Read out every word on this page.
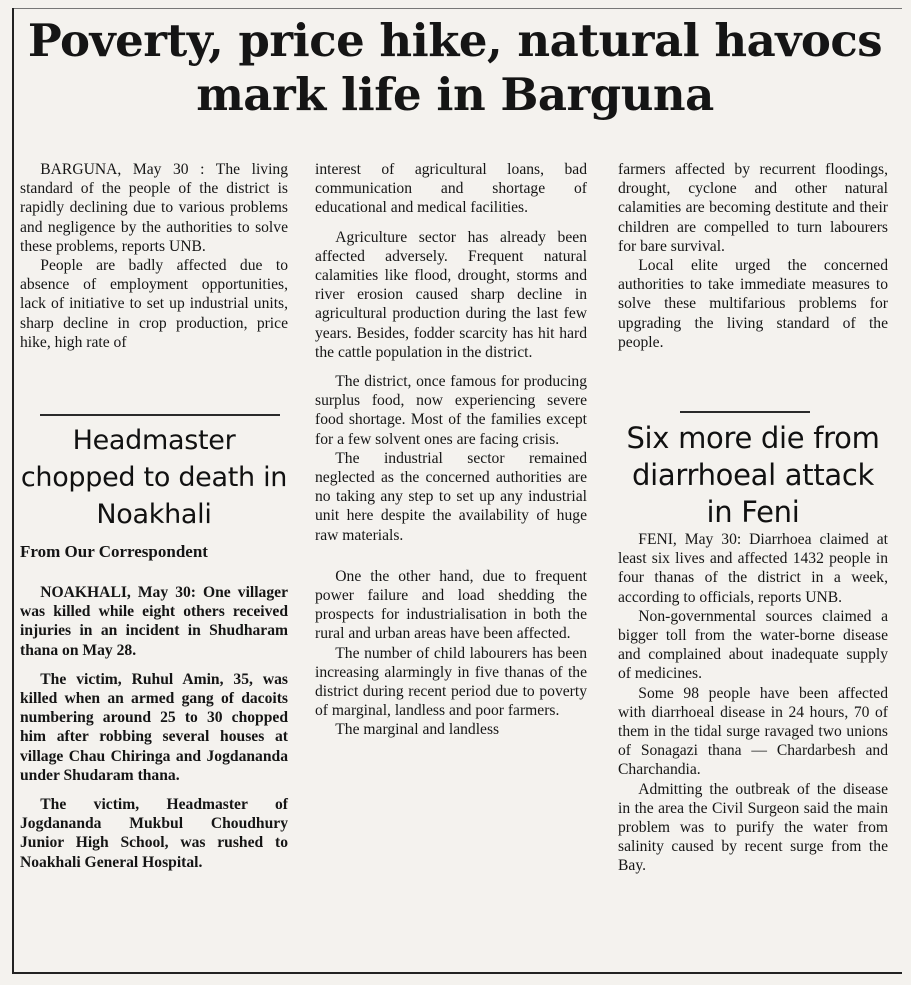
Poverty, price hike, natural havocs mark life in Barguna

BARGUNA, May 30 : The living standard of the people of the district is rapidly declining due to various problems and negligence by the authorities to solve these problems, reports UNB.

People are badly affected due to absence of employment opportunities, lack of initiative to set up industrial units, sharp decline in crop production, price hike, high rate of

Headmaster chopped to death in Noakhali
From Our Correspondent

NOAKHALI, May 30: One villager was killed while eight others received injuries in an incident in Shudharam thana on May 28.

The victim, Ruhul Amin, 35, was killed when an armed gang of dacoits numbering around 25 to 30 chopped him after robbing several houses at village Chau Chiringa and Jogdananda under Shudaram thana.

The victim, Headmaster of Jogdananda Mukbul Choudhury Junior High School, was rushed to Noakhali General Hospital.

interest of agricultural loans, bad communication and shortage of educational and medical facilities.

Agriculture sector has already been affected adversely. Frequent natural calamities like flood, drought, storms and river erosion caused sharp decline in agricultural production during the last few years. Besides, fodder scarcity has hit hard the cattle population in the district.

The district, once famous for producing surplus food, now experiencing severe food shortage. Most of the families except for a few solvent ones are facing crisis.

The industrial sector remained neglected as the concerned authorities are no taking any step to set up any industrial unit here despite the availability of huge raw materials.

One the other hand, due to frequent power failure and load shedding the prospects for industrialisation in both the rural and urban areas have been affected.

The number of child labourers has been increasing alarmingly in five thanas of the district during recent period due to poverty of marginal, landless and poor farmers.

The marginal and landless

farmers affected by recurrent floodings, drought, cyclone and other natural calamities are becoming destitute and their children are compelled to turn labourers for bare survival.

Local elite urged the concerned authorities to take immediate measures to solve these multifarious problems for upgrading the living standard of the people.

Six more die from diarrhoeal attack in Feni

FENI, May 30: Diarrhoea claimed at least six lives and affected 1432 people in four thanas of the district in a week, according to officials, reports UNB.

Non-governmental sources claimed a bigger toll from the water-borne disease and complained about inadequate supply of medicines.

Some 98 people have been affected with diarrhoeal disease in 24 hours, 70 of them in the tidal surge ravaged two unions of Sonagazi thana — Chardarbesh and Charchandia.

Admitting the outbreak of the disease in the area the Civil Surgeon said the main problem was to purify the water from salinity caused by recent surge from the Bay.
